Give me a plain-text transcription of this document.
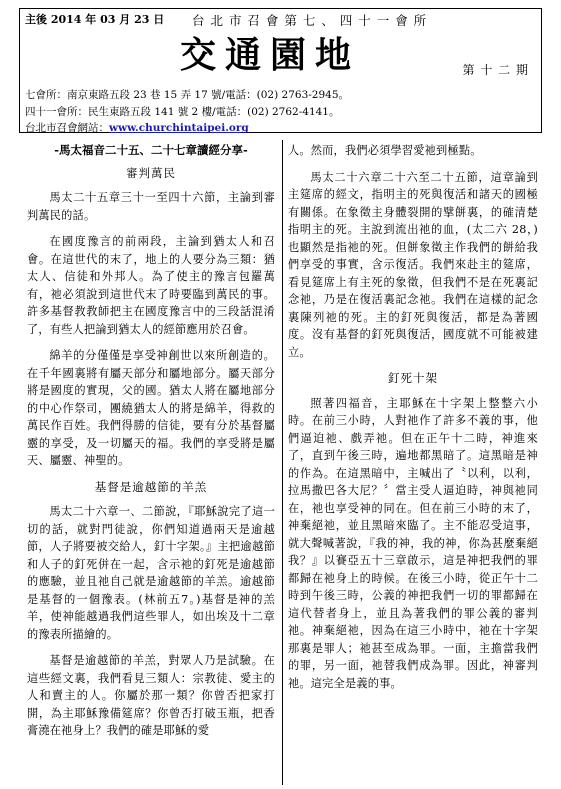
主後 2014 年 03 月 23 日 台 北 市 召 會 第 七 、 四 十 一 會 所
交通園地	第 十 二 期
七會所：南京東路五段 23 巷 15 弄 17 號/電話：(02) 2763-2945。
四十一會所：民生東路五段 141 號 2 樓/電話：(02) 2762-4141。
台北市召會網站：www.churchintaipei.org
-馬太福音二十五、二十七章讀經分享-
審判萬民

馬太二十五章三十一至四十六節，主論到審判萬民的話。

在國度豫言的前兩段，主論到猶太人和召會。在這世代的末了，地上的人要分為三類：猶太人、信徒和外邦人。為了使主的豫言包羅萬有，祂必須說到這世代末了時要臨到萬民的事。許多基督教教師把主在國度豫言中的三段話混淆了，有些人把論到猶太人的經節應用於召會。

綿羊的分僅僅是享受神創世以來所創造的。在千年國裏將有屬天部分和屬地部分。屬天部分將是國度的實現，父的國。猶太人將在屬地部分的中心作祭司，團繞猶太人的將是綿羊，得救的萬民作百姓。我們得勝的信徒，要有分於基督屬靈的享受，及一切屬天的福。我們的享受將是屬天、屬靈、神聖的。

基督是逾越節的羊羔

馬太二十六章一、二節說，『耶穌說完了這一切的話，就對門徒說，你們知道過兩天是逾越節，人子將要被交給人，釘十字架。』主把逾越節和人子的釘死併在一起，含示祂的釘死是逾越節的應驗，並且祂自己就是逾越節的羊羔。逾越節是基督的一個豫表。(林前五7。)基督是神的羔羊，使神能越過我們這些罪人，如出埃及十二章的豫表所描繪的。

基督是逾越節的羊羔，對眾人乃是試驗。在這些經文裏，我們看見三類人：宗教徒、愛主的人和賣主的人。你屬於那一類？你曾否把家打開，為主耶穌豫備筵席？你曾否打破玉瓶，把香膏澆在祂身上？我們的確是耶穌的愛

人。然而，我們必須學習愛祂到極點。

馬太二十六章二十六至二十五節，這章論到主筵席的經文，指明主的死與復活和諸天的國極有關係。在象徵主身體裂開的擘餅裏，的確清楚指明主的死。主說到流出祂的血，(太二六 28，) 也顯然是指祂的死。但餅象徵主作我們的餅給我們享受的事實，含示復活。我們來赴主的筵席，看見筵席上有主死的象徵，但我們不是在死裏記念祂，乃是在復活裏記念祂。我們在這樣的記念裏陳列祂的死。主的釘死與復活，都是為著國度。沒有基督的釘死與復活，國度就不可能被建立。

釘死十架

照著四福音，主耶穌在十字架上整整六小時。在前三小時，人對祂作了許多不義的事，他們逼迫祂、戲弄祂。但在正午十二時，神進來了，直到午後三時，遍地都黑暗了。這黑暗是神的作為。在這黑暗中，主喊出了〝以利，以利，拉馬撒巴各大尼？〞當主受人逼迫時，神與祂同在，祂也享受神的同在。但在前三小時的末了，神棄絕祂，並且黑暗來臨了。主不能忍受這事，就大聲喊著說，『我的神，我的神，你為甚麼棄絕我？』以賽亞五十三章啟示，這是神把我們的罪都歸在祂身上的時候。在後三小時，從正午十二時到午後三時，公義的神把我們一切的罪都歸在這代替者身上，並且為著我們的罪公義的審判祂。神棄絕祂，因為在這三小時中，祂在十字架那裏是罪人；祂甚至成為罪。一面，主擔當我們的罪，另一面，祂替我們成為罪。因此，神審判祂。這完全是義的事。
